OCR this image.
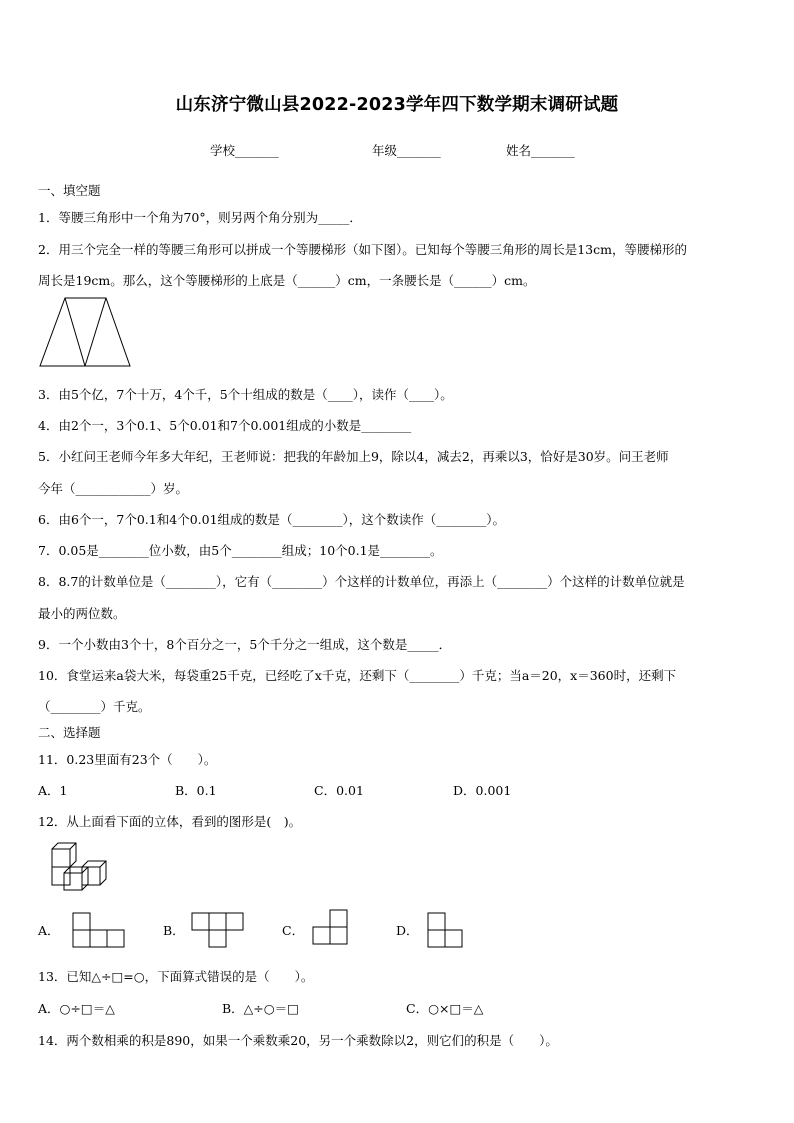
山东济宁微山县2022-2023学年四下数学期末调研试题
学校_______	年级_______	姓名_______
一、填空题
1．等腰三角形中一个角为70°，则另两个角分别为_____．
2．用三个完全一样的等腰三角形可以拼成一个等腰梯形（如下图）。已知每个等腰三角形的周长是13cm，等腰梯形的
周长是19cm。那么，这个等腰梯形的上底是（______）cm，一条腰长是（______）cm。
3．由5个亿，7个十万，4个千，5个十组成的数是（____），读作（____）。
4．由2个一，3个0.1、5个0.01和7个0.001组成的小数是________
5．小红问王老师今年多大年纪，王老师说：把我的年龄加上9，除以4，减去2，再乘以3，恰好是30岁。问王老师
今年（____________）岁。
6．由6个一，7个0.1和4个0.01组成的数是（________），这个数读作（________）。
7．0.05是________位小数，由5个________组成；10个0.1是________。
8．8.7的计数单位是（________），它有（________）个这样的计数单位，再添上（________）个这样的计数单位就是
最小的两位数。
9．一个小数由3个十，8个百分之一，5个千分之一组成，这个数是_____．
10．食堂运来a袋大米，每袋重25千克，已经吃了x千克，还剩下（________）千克；当a＝20，x＝360时，还剩下
（________）千克。
二、选择题
11．0.23里面有23个（　　）。
A．1	B．0.1	C．0.01	D．0.001
12．从上面看下面的立体，看到的图形是(　)。
A．	B．	C．	D．
13．已知△÷□=○，下面算式错误的是（　　）。
A．○÷□＝△	B．△÷○＝□	C．○×□＝△
14．两个数相乘的积是890，如果一个乘数乘20，另一个乘数除以2，则它们的积是（　　）。
